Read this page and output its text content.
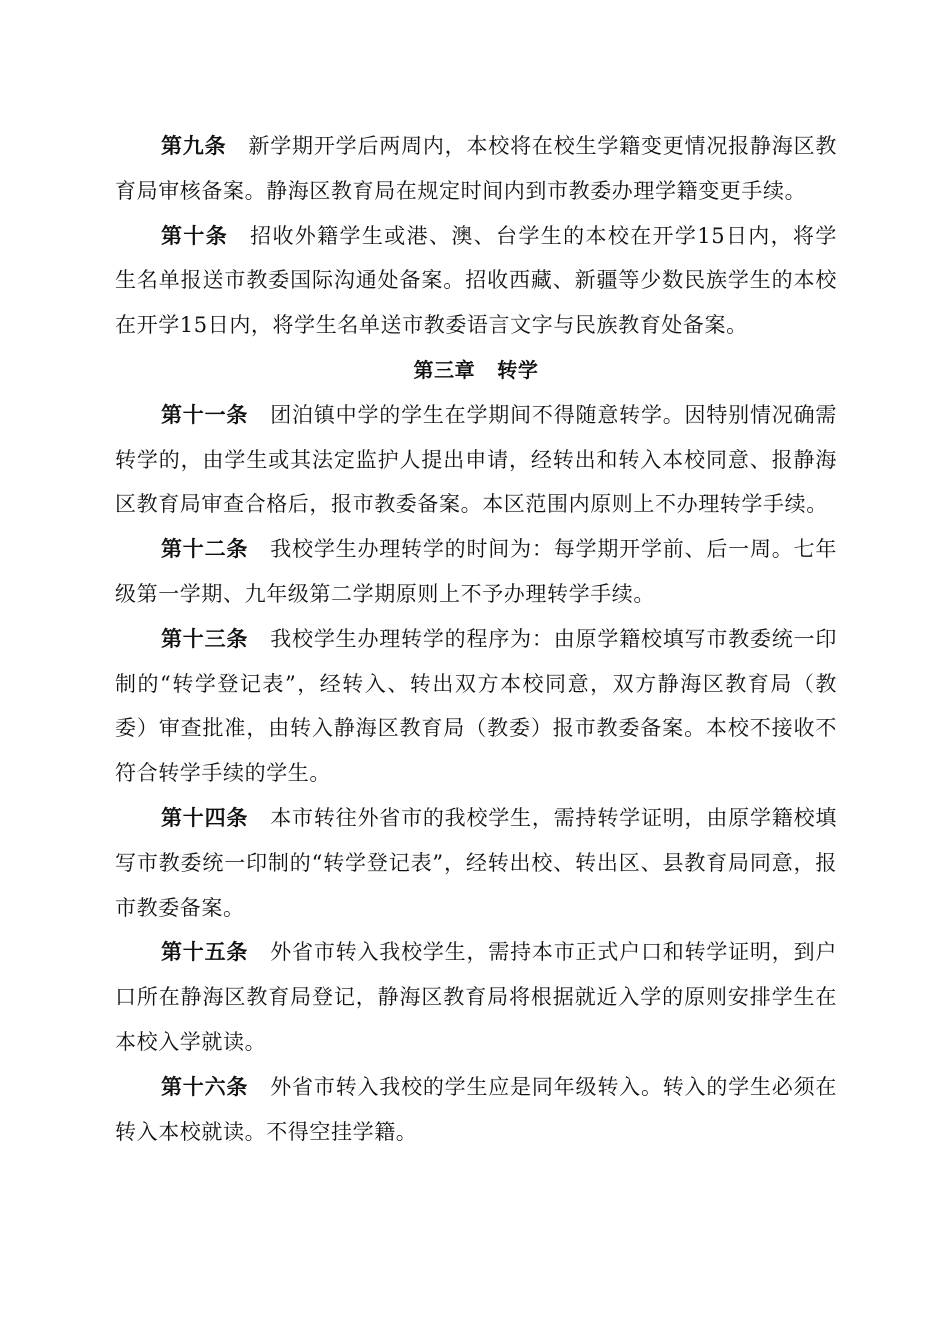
第九条 新学期开学后两周内，本校将在校生学籍变更情况报静海区教育局审核备案。静海区教育局在规定时间内到市教委办理学籍变更手续。

第十条 招收外籍学生或港、澳、台学生的本校在开学15日内，将学生名单报送市教委国际沟通处备案。招收西藏、新疆等少数民族学生的本校在开学15日内，将学生名单送市教委语言文字与民族教育处备案。

第三章 转学

第十一条 团泊镇中学的学生在学期间不得随意转学。因特别情况确需转学的，由学生或其法定监护人提出申请，经转出和转入本校同意、报静海区教育局审查合格后，报市教委备案。本区范围内原则上不办理转学手续。

第十二条 我校学生办理转学的时间为：每学期开学前、后一周。七年级第一学期、九年级第二学期原则上不予办理转学手续。

第十三条 我校学生办理转学的程序为：由原学籍校填写市教委统一印制的“转学登记表”，经转入、转出双方本校同意，双方静海区教育局（教委）审查批准，由转入静海区教育局（教委）报市教委备案。本校不接收不符合转学手续的学生。

第十四条 本市转往外省市的我校学生，需持转学证明，由原学籍校填写市教委统一印制的“转学登记表”，经转出校、转出区、县教育局同意，报市教委备案。

第十五条 外省市转入我校学生，需持本市正式户口和转学证明，到户口所在静海区教育局登记，静海区教育局将根据就近入学的原则安排学生在本校入学就读。

第十六条 外省市转入我校的学生应是同年级转入。转入的学生必须在转入本校就读。不得空挂学籍。
